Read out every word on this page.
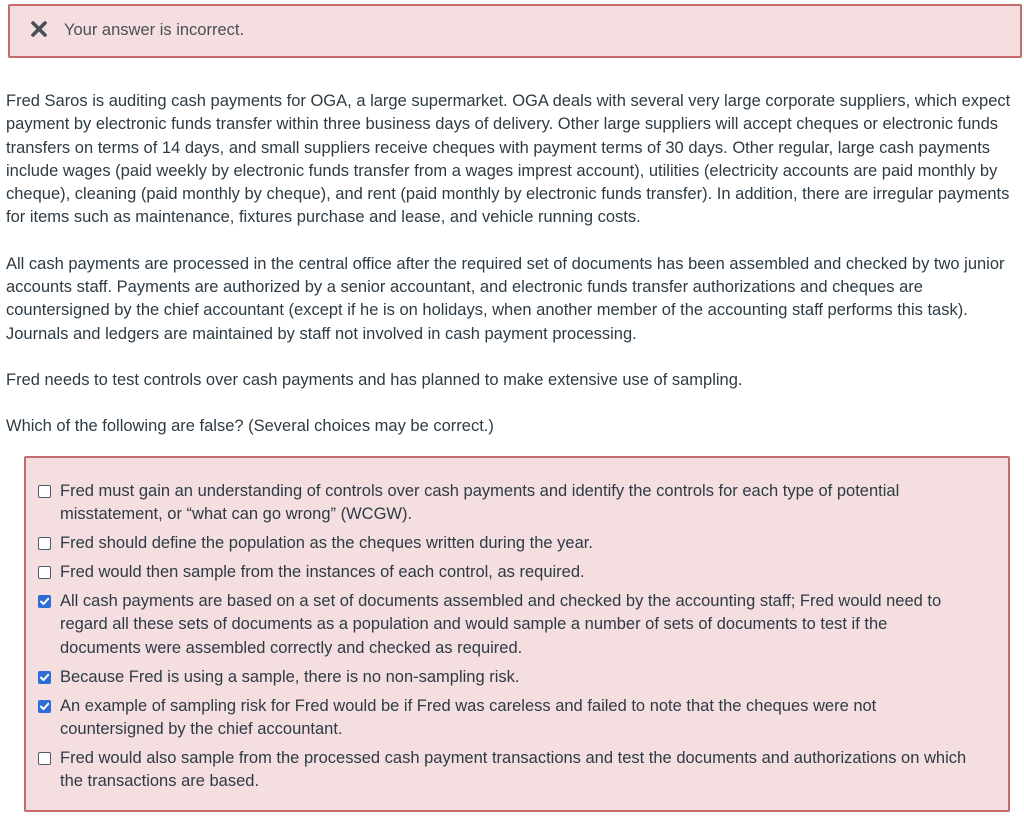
Your answer is incorrect.

Fred Saros is auditing cash payments for OGA, a large supermarket. OGA deals with several very large corporate suppliers, which expect payment by electronic funds transfer within three business days of delivery. Other large suppliers will accept cheques or electronic funds transfers on terms of 14 days, and small suppliers receive cheques with payment terms of 30 days. Other regular, large cash payments include wages (paid weekly by electronic funds transfer from a wages imprest account), utilities (electricity accounts are paid monthly by cheque), cleaning (paid monthly by cheque), and rent (paid monthly by electronic funds transfer). In addition, there are irregular payments for items such as maintenance, fixtures purchase and lease, and vehicle running costs.

All cash payments are processed in the central office after the required set of documents has been assembled and checked by two junior accounts staff. Payments are authorized by a senior accountant, and electronic funds transfer authorizations and cheques are countersigned by the chief accountant (except if he is on holidays, when another member of the accounting staff performs this task). Journals and ledgers are maintained by staff not involved in cash payment processing.

Fred needs to test controls over cash payments and has planned to make extensive use of sampling.

Which of the following are false? (Several choices may be correct.)

Fred must gain an understanding of controls over cash payments and identify the controls for each type of potential misstatement, or “what can go wrong” (WCGW).
Fred should define the population as the cheques written during the year.
Fred would then sample from the instances of each control, as required.
All cash payments are based on a set of documents assembled and checked by the accounting staff; Fred would need to regard all these sets of documents as a population and would sample a number of sets of documents to test if the documents were assembled correctly and checked as required.
Because Fred is using a sample, there is no non-sampling risk.
An example of sampling risk for Fred would be if Fred was careless and failed to note that the cheques were not countersigned by the chief accountant.
Fred would also sample from the processed cash payment transactions and test the documents and authorizations on which the transactions are based.
